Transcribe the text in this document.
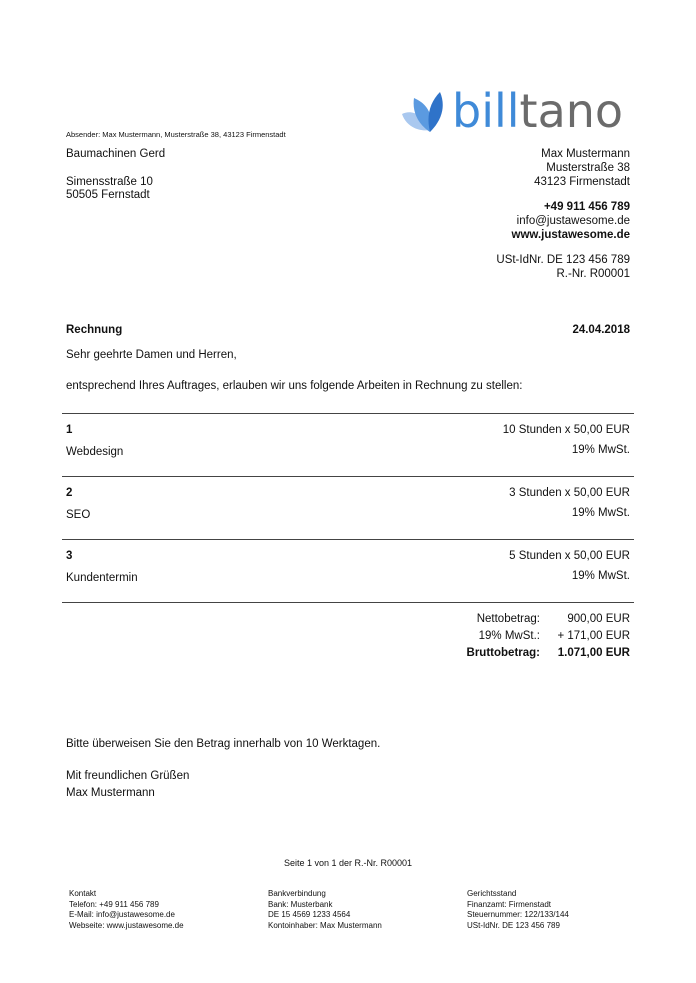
billtano
Absender: Max Mustermann, Musterstraße 38, 43123 Firmenstadt
Baumachinen Gerd
Simensstraße 10
50505 Fernstadt
Max Mustermann
Musterstraße 38
43123 Firmenstadt
+49 911 456 789
info@justawesome.de
www.justawesome.de
USt-IdNr. DE 123 456 789
R.-Nr. R00001
Rechnung	24.04.2018
Sehr geehrte Damen und Herren,
entsprechend Ihres Auftrages, erlauben wir uns folgende Arbeiten in Rechnung zu stellen:
1	10 Stunden x 50,00 EUR
Webdesign	19% MwSt.
2	3 Stunden x 50,00 EUR
SEO	19% MwSt.
3	5 Stunden x 50,00 EUR
Kundentermin	19% MwSt.
Nettobetrag: 900,00 EUR
19% MwSt.: + 171,00 EUR
Bruttobetrag: 1.071,00 EUR
Bitte überweisen Sie den Betrag innerhalb von 10 Werktagen.
Mit freundlichen Grüßen
Max Mustermann
Seite 1 von 1 der R.-Nr. R00001
Kontakt
Telefon: +49 911 456 789
E-Mail: info@justawesome.de
Webseite: www.justawesome.de
Bankverbindung
Bank: Musterbank
DE 15 4569 1233 4564
Kontoinhaber: Max Mustermann
Gerichtsstand
Finanzamt: Firmenstadt
Steuernummer: 122/133/144
USt-IdNr. DE 123 456 789
